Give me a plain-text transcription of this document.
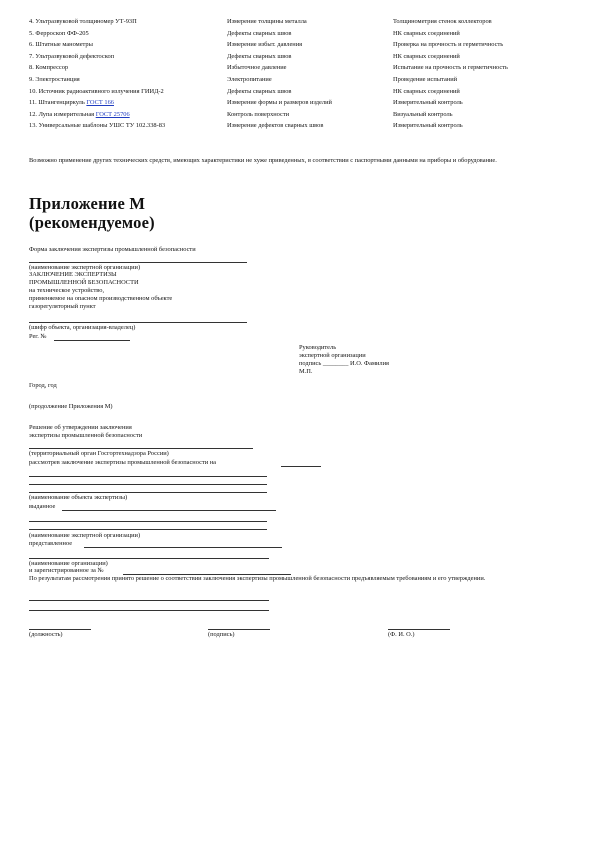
4. Ультразвуковой толщиномер УТ-93П	Измерение толщины металла	Толщинометрия стенок коллекторов
5. Ферроскоп ФФ-205	Дефекты сварных швов	НК сварных соединений
6. Штатные манометры	Измерение избыт. давления	Проверка на прочность и герметичность
7. Ультразвуковой дефектоскоп	Дефекты сварных швов	НК сварных соединений
8. Компрессор	Избыточное давление	Испытание на прочность и герметичность
9. Электростанция	Электропитание	Проведение испытаний
10. Источник радиоактивного излучения ГИИД-2	Дефекты сварных швов	НК сварных соединений
11. Штангенциркуль ГОСТ 166	Измерение формы и размеров изделий	Измерительный контроль
12. Лупа измерительная ГОСТ 25706	Контроль поверхности	Визуальный контроль
13. Универсальные шаблоны УШС ТУ 102.338-83	Измерение дефектов сварных швов	Измерительный контроль
Возможно применение других технических средств, имеющих характеристики не хуже приведенных, в соответствии с паспортными данными на приборы и оборудование.
Приложение М
(рекомендуемое)
Форма заключения экспертизы промышленной безопасности
(наименование экспертной организации)
ЗАКЛЮЧЕНИЕ ЭКСПЕРТИЗЫ
ПРОМЫШЛЕННОЙ БЕЗОПАСНОСТИ
на техническое устройство,
применяемое на опасном производственном объекте
газорегуляторный пункт
(шифр объекта, организация-владелец)
Рег. №
Руководитель
экспертной организации
подпись ________ И.О. Фамилия
М.П.
Город, год
(продолжение Приложения М)
Решение об утверждении заключения
экспертизы промышленной безопасности
(территориальный орган Госгортехнадзора России)
рассмотрев заключение экспертизы промышленной безопасности на
(наименование объекта экспертизы)
выданное
(наименование экспертной организации)
представленное
(наименование организации)
и зарегистрированное за №
По результатам рассмотрения принято решение о соответствии заключения экспертизы промышленной безопасности предъявляемым требованиям и его утверждении.
(должность)	(подпись)	(Ф. И. О.)
